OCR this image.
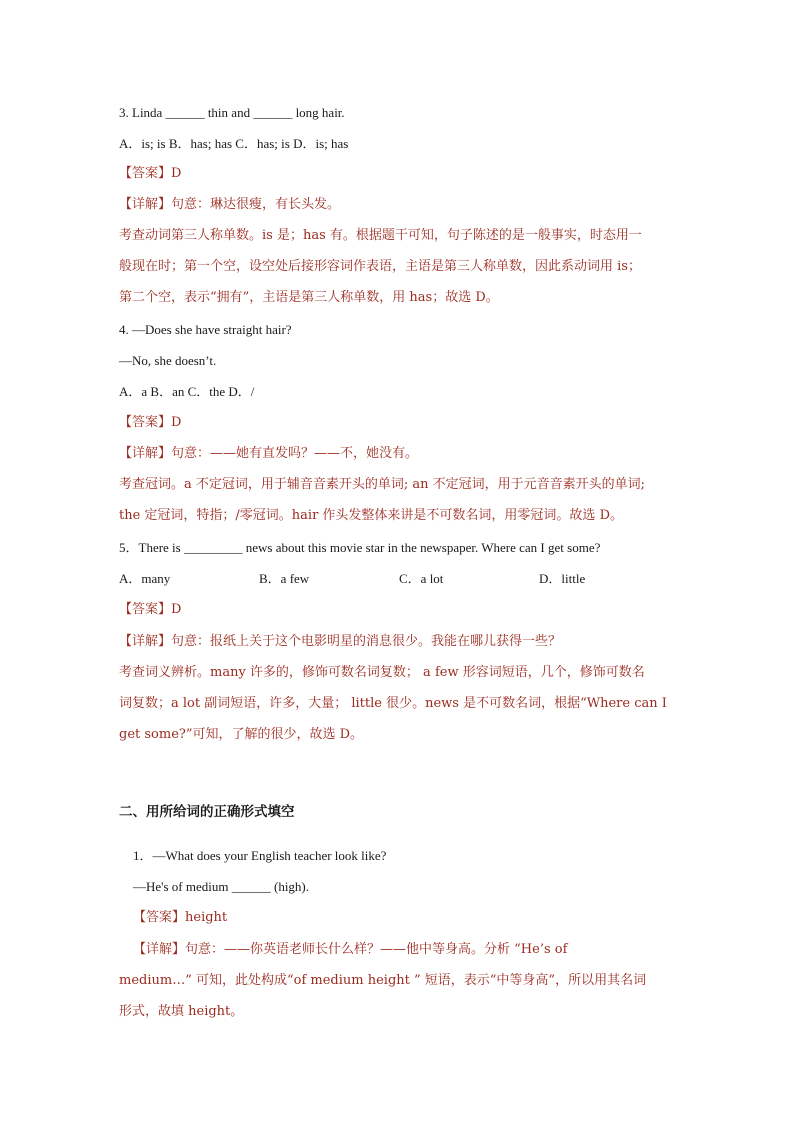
3. Linda ______ thin and ______ long hair.
A．is; is B．has; has C．has; is D．is; has
【答案】D
【详解】句意：琳达很瘦，有长头发。
考查动词第三人称单数。is 是；has 有。根据题干可知，句子陈述的是一般事实，时态用一
般现在时；第一个空，设空处后接形容词作表语，主语是第三人称单数，因此系动词用 is；
第二个空，表示“拥有”，主语是第三人称单数，用 has；故选 D。
4. —Does she have straight hair?
—No, she doesn’t.
A．a B．an C．the D．/
【答案】D
【详解】句意：——她有直发吗？——不，她没有。
考查冠词。a 不定冠词，用于辅音音素开头的单词; an 不定冠词，用于元音音素开头的单词;
the 定冠词，特指；/零冠词。hair 作头发整体来讲是不可数名词，用零冠词。故选 D。
5．There is _________ news about this movie star in the newspaper. Where can I get some?
A．many	B．a few	C．a lot	D．little
【答案】D
【详解】句意：报纸上关于这个电影明星的消息很少。我能在哪儿获得一些？
考查词义辨析。many 许多的，修饰可数名词复数； a few 形容词短语，几个，修饰可数名
词复数；a lot 副词短语，许多，大量； little 很少。news 是不可数名词，根据“Where can I
get some?”可知，了解的很少，故选 D。
二、用所给词的正确形式填空
1．—What does your English teacher look like?
—He's of medium ______ (high).
【答案】height
【详解】句意：——你英语老师长什么样？——他中等身高。分析 “He’s of
medium…” 可知，此处构成“of medium height ” 短语，表示“中等身高”，所以用其名词
形式，故填 height。
